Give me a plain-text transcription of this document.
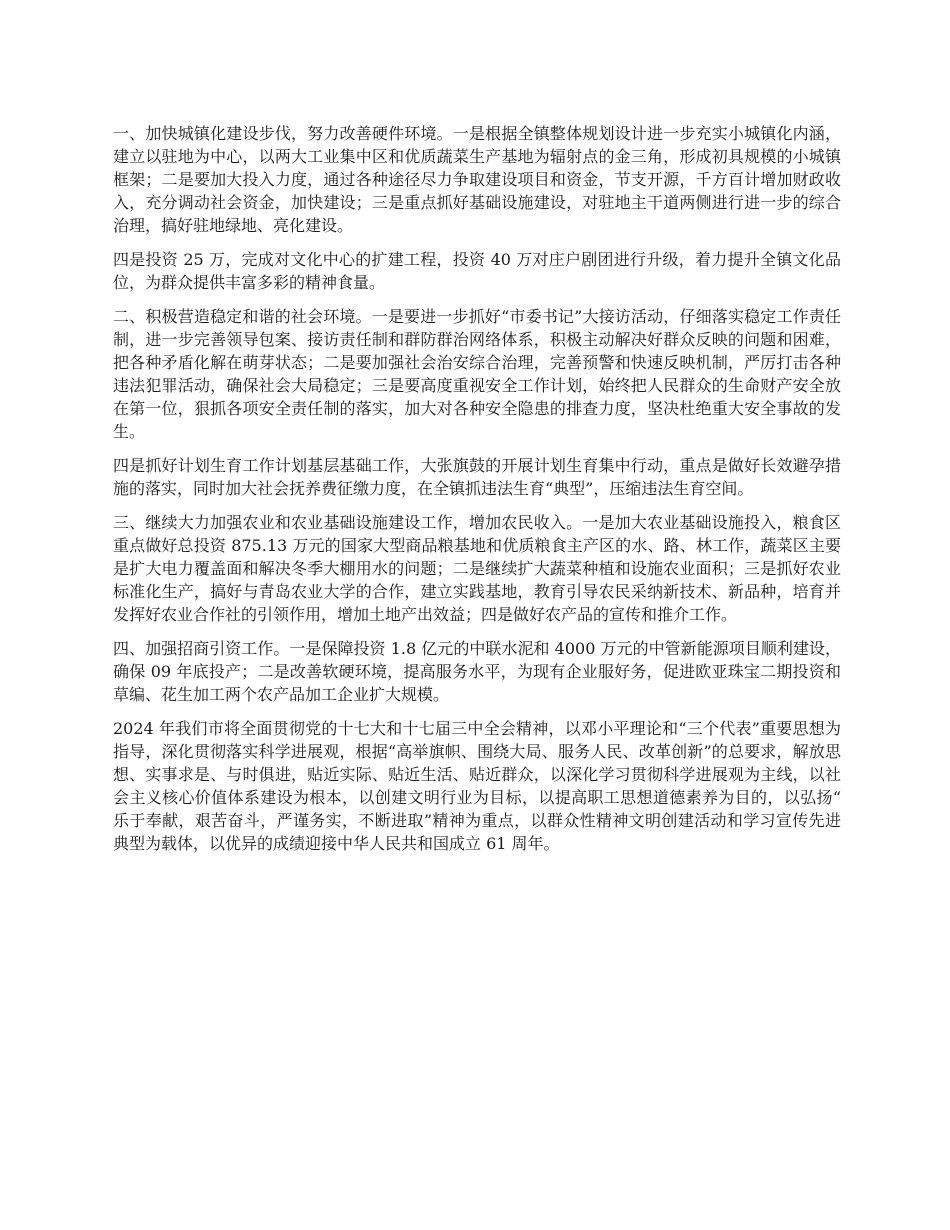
一、加快城镇化建设步伐，努力改善硬件环境。一是根据全镇整体规划设计进一步充实小城镇化内涵，建立以驻地为中心，以两大工业集中区和优质蔬菜生产基地为辐射点的金三角，形成初具规模的小城镇框架；二是要加大投入力度，通过各种途径尽力争取建设项目和资金，节支开源，千方百计增加财政收入，充分调动社会资金，加快建设；三是重点抓好基础设施建设，对驻地主干道两侧进行进一步的综合治理，搞好驻地绿地、亮化建设。

四是投资 25 万，完成对文化中心的扩建工程，投资 40 万对庄户剧团进行升级，着力提升全镇文化品位，为群众提供丰富多彩的精神食量。

二、积极营造稳定和谐的社会环境。一是要进一步抓好“市委书记”大接访活动，仔细落实稳定工作责任制，进一步完善领导包案、接访责任制和群防群治网络体系，积极主动解决好群众反映的问题和困难，把各种矛盾化解在萌芽状态；二是要加强社会治安综合治理，完善预警和快速反映机制，严厉打击各种违法犯罪活动，确保社会大局稳定；三是要高度重视安全工作计划，始终把人民群众的生命财产安全放在第一位，狠抓各项安全责任制的落实，加大对各种安全隐患的排查力度，坚决杜绝重大安全事故的发生。

四是抓好计划生育工作计划基层基础工作，大张旗鼓的开展计划生育集中行动，重点是做好长效避孕措施的落实，同时加大社会抚养费征缴力度，在全镇抓违法生育“典型”，压缩违法生育空间。

三、继续大力加强农业和农业基础设施建设工作，增加农民收入。一是加大农业基础设施投入，粮食区重点做好总投资 875.13 万元的国家大型商品粮基地和优质粮食主产区的水、路、林工作，蔬菜区主要是扩大电力覆盖面和解决冬季大棚用水的问题；二是继续扩大蔬菜种植和设施农业面积；三是抓好农业标准化生产，搞好与青岛农业大学的合作，建立实践基地，教育引导农民采纳新技术、新品种，培育并发挥好农业合作社的引领作用，增加土地产出效益；四是做好农产品的宣传和推介工作。

四、加强招商引资工作。一是保障投资 1.8 亿元的中联水泥和 4000 万元的中管新能源项目顺利建设，确保 09 年底投产；二是改善软硬环境，提高服务水平，为现有企业服好务，促进欧亚珠宝二期投资和草编、花生加工两个农产品加工企业扩大规模。

2024 年我们市将全面贯彻党的十七大和十七届三中全会精神，以邓小平理论和“三个代表”重要思想为指导，深化贯彻落实科学进展观，根据“高举旗帜、围绕大局、服务人民、改革创新”的总要求，解放思想、实事求是、与时俱进，贴近实际、贴近生活、贴近群众，以深化学习贯彻科学进展观为主线，以社会主义核心价值体系建设为根本，以创建文明行业为目标，以提高职工思想道德素养为目的，以弘扬“乐于奉献，艰苦奋斗，严谨务实，不断进取”精神为重点，以群众性精神文明创建活动和学习宣传先进典型为载体，以优异的成绩迎接中华人民共和国成立 61 周年。
